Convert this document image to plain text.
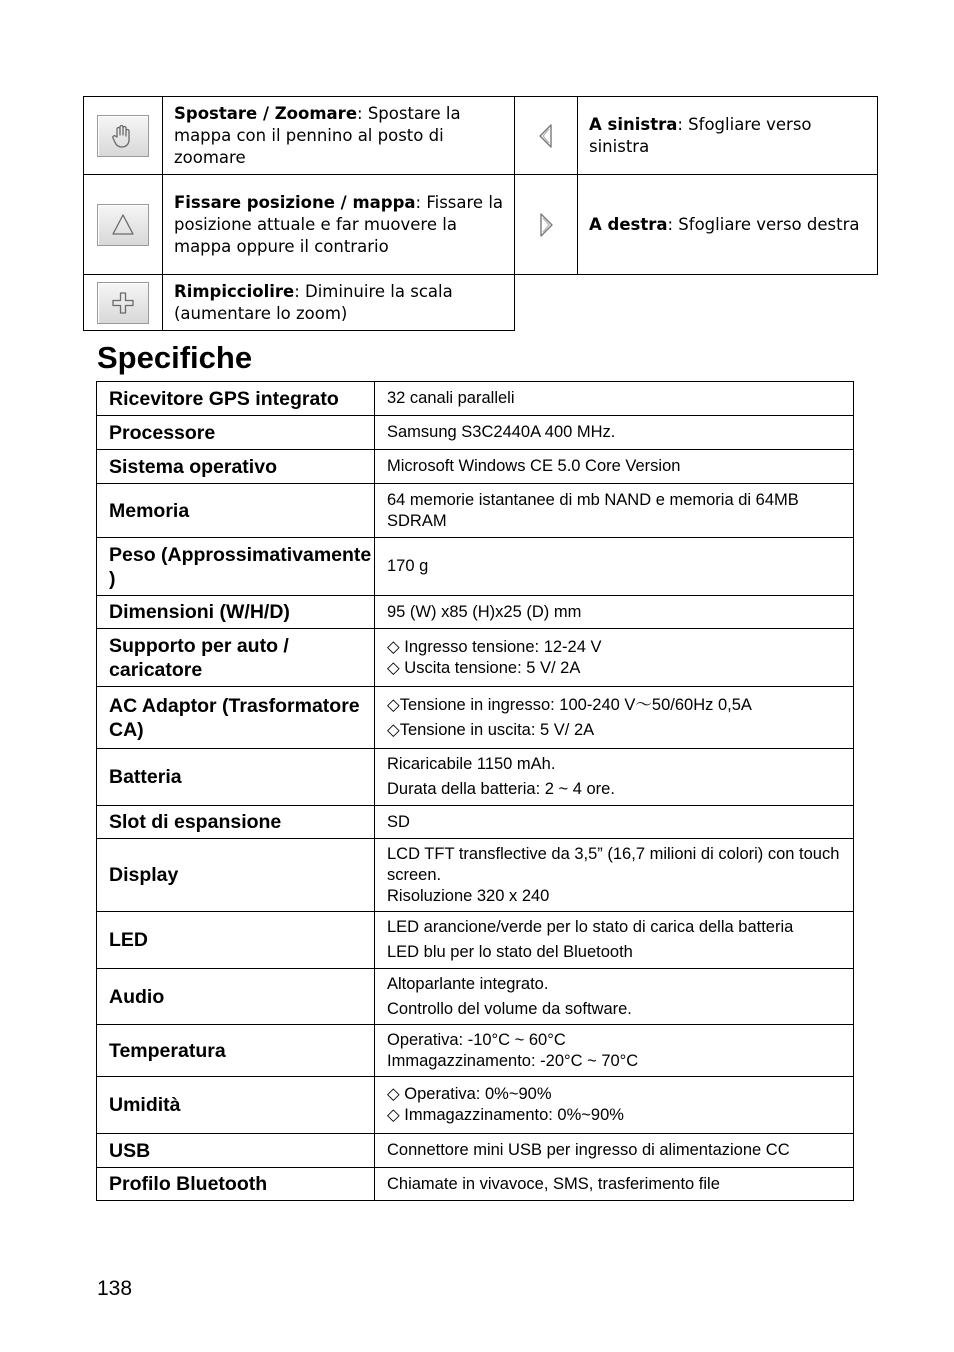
	Spostare / Zoomare: Spostare la mappa con il pennino al posto di zoomare		A sinistra: Sfogliare verso sinistra

	Fissare posizione / mappa: Fissare la posizione attuale e far muovere la mappa oppure il contrario		A destra: Sfogliare verso destra

	Rimpicciolire: Diminuire la scala (aumentare lo zoom)		
Specifiche
Ricevitore GPS integrato	32 canali paralleli

Processore	Samsung S3C2440A 400 MHz.

Sistema operativo	Microsoft Windows CE 5.0 Core Version

Memoria	64 memorie istantanee di mb NAND e memoria di 64MB SDRAM

Peso (Approssimativamente )	170 g

Dimensioni (W/H/D)	95 (W) x85 (H)x25 (D) mm

Supporto per auto / caricatore	◇ Ingresso tensione: 12-24 V
◇ Uscita tensione: 5 V/ 2A

AC Adaptor (Trasformatore CA)	◇Tensione in ingresso: 100-240 V～50/60Hz 0,5A
◇Tensione in uscita: 5 V/ 2A

Batteria	Ricaricabile 1150 mAh.
Durata della batteria: 2 ~ 4 ore.

Slot di espansione	SD

Display	LCD TFT transflective da 3,5” (16,7 milioni di colori) con touch screen.
Risoluzione 320 x 240

LED	LED arancione/verde per lo stato di carica della batteria
LED blu per lo stato del Bluetooth

Audio	Altoparlante integrato.
Controllo del volume da software.

Temperatura	Operativa: -10°C ~ 60°C
Immagazzinamento: -20°C ~ 70°C

Umidità	◇ Operativa: 0%~90%
◇ Immagazzinamento: 0%~90%

USB	Connettore mini USB per ingresso di alimentazione CC

Profilo Bluetooth	Chiamate in vivavoce, SMS, trasferimento file
138
